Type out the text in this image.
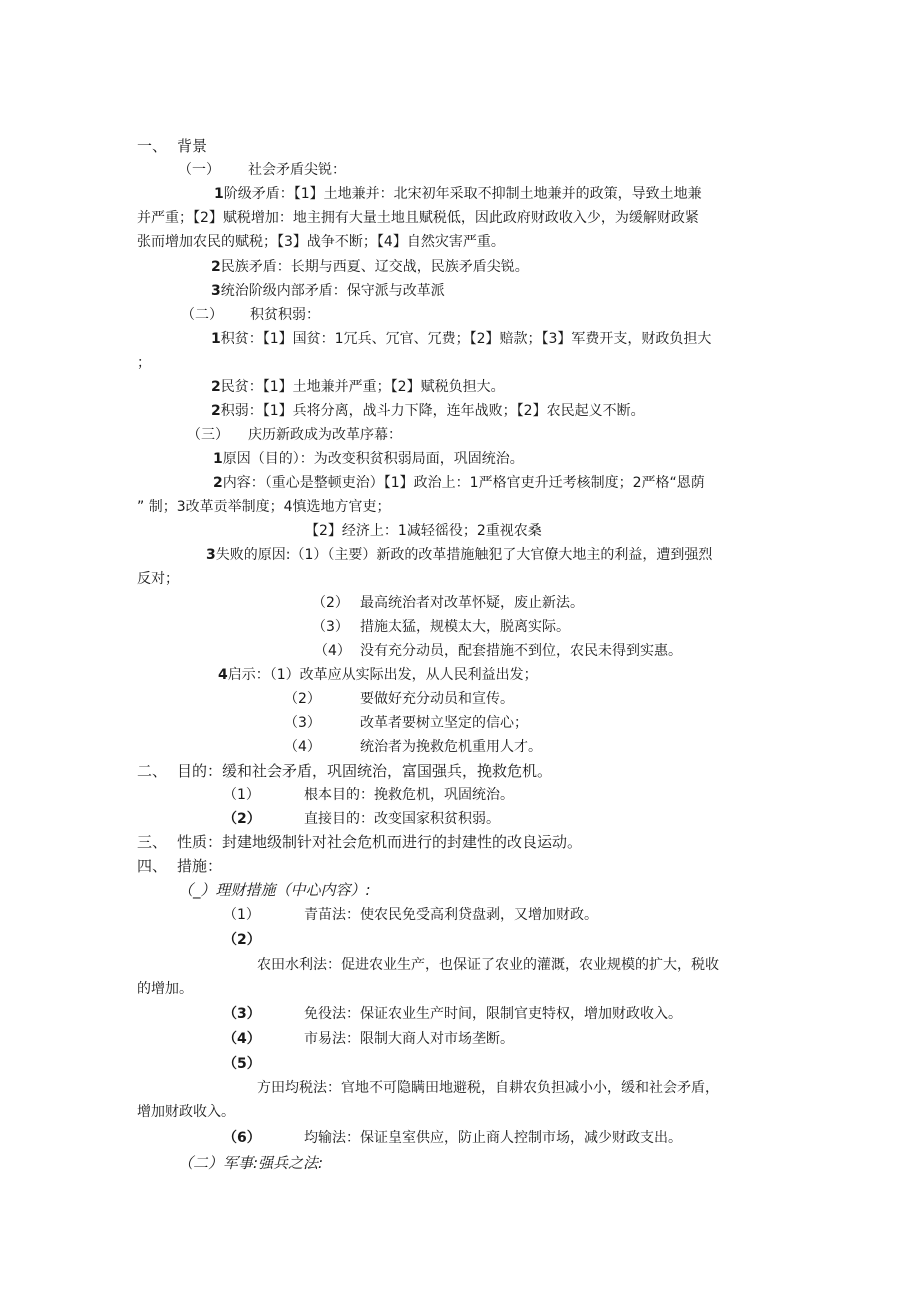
一、 背景
（一） 社会矛盾尖锐：
1阶级矛盾：【1】土地兼并：北宋初年采取不抑制土地兼并的政策，导致土地兼
并严重；【2】赋税增加：地主拥有大量土地且赋税低，因此政府财政收入少，为缓解财政紧
张而增加农民的赋税；【3】战争不断；【4】自然灾害严重。
2民族矛盾：长期与西夏、辽交战，民族矛盾尖锐。
3统治阶级内部矛盾：保守派与改革派
（二） 积贫积弱：
1积贫：【1】国贫：1冗兵、冗官、冗费；【2】赔款；【3】军费开支，财政负担大
；
2民贫：【1】土地兼并严重；【2】赋税负担大。
2积弱：【1】兵将分离，战斗力下降，连年战败；【2】农民起义不断。
（三） 庆历新政成为改革序幕：
1原因（目的）：为改变积贫积弱局面，巩固统治。
2内容：（重心是整顿吏治）【1】政治上：1严格官吏升迁考核制度；2严格“恩荫
” 制；3改革贡举制度；4慎选地方官吏；
【2】经济上：1减轻徭役；2重视农桑
3失败的原因:（1）（主要）新政的改革措施触犯了大官僚大地主的利益，遭到强烈
反对；
（2） 最高统治者对改革怀疑，废止新法。
（3） 措施太猛，规模太大，脱离实际。
（4） 没有充分动员，配套措施不到位，农民未得到实惠。
4启示：（1）改革应从实际出发，从人民利益出发；
（2）	要做好充分动员和宣传。
（3）	改革者要树立坚定的信心；
（4）	统治者为挽救危机重用人才。
二、 目的：缓和社会矛盾，巩固统治，富国强兵，挽救危机。
（1）	根本目的：挽救危机，巩固统治。
（2）	直接目的：改变国家积贫积弱。
三、 性质：封建地级制针对社会危机而进行的封建性的改良运动。
四、 措施：
（_）理财措施（中心内容）:
（1）	青苗法：使农民免受高利贷盘剥，又增加财政。
（2）
农田水利法：促进农业生产，也保证了农业的灌溉，农业规模的扩大，税收
的增加。
（3）	免役法：保证农业生产时间，限制官吏特权，增加财政收入。
（4）	市易法：限制大商人对市场垄断。
（5）
方田均税法：官地不可隐瞒田地避税，自耕农负担减小小，缓和社会矛盾，
增加财政收入。
（6）	均输法：保证皇室供应，防止商人控制市场，减少财政支出。
（二）军事:强兵之法:
